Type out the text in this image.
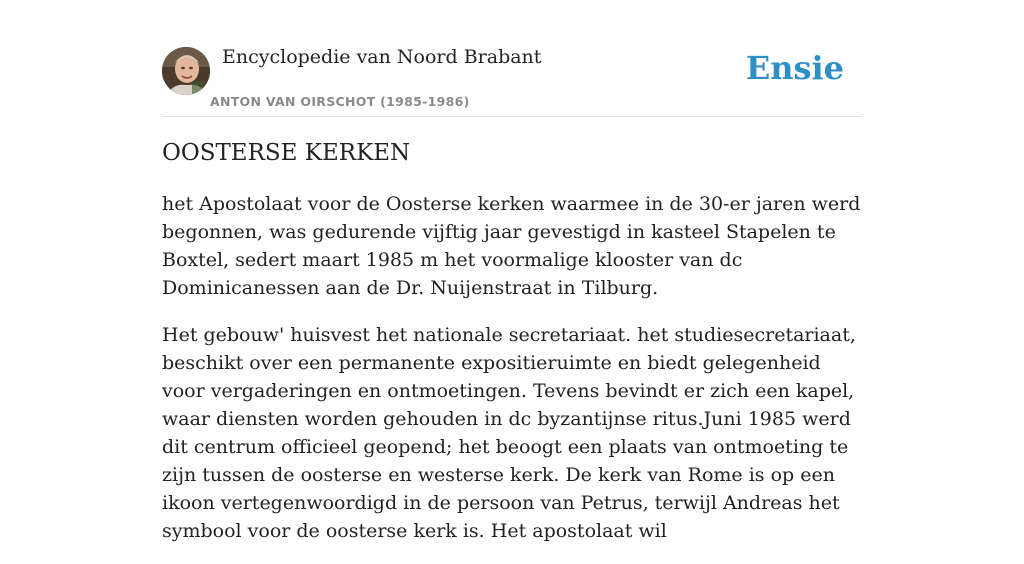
Encyclopedie van Noord Brabant
ANTON VAN OIRSCHOT (1985-1986)
Ensie
OOSTERSE KERKEN

het Apostolaat voor de Oosterse kerken waarmee in de 30-er jaren werd begonnen, was gedurende vijftig jaar gevestigd in kasteel Stapelen te Boxtel, sedert maart 1985 m het voormalige klooster van dc Dominicanessen aan de Dr. Nuijenstraat in Tilburg.

Het gebouw' huisvest het nationale secretariaat. het studiesecretariaat, beschikt over een permanente expositieruimte en biedt gelegenheid voor vergaderingen en ontmoetingen. Tevens bevindt er zich een kapel, waar diensten worden gehouden in dc byzantijnse ritus.Juni 1985 werd dit centrum officieel geopend; het beoogt een plaats van ontmoeting te zijn tussen de oosterse en westerse kerk. De kerk van Rome is op een ikoon vertegenwoordigd in de persoon van Petrus, terwijl Andreas het symbool voor de oosterse kerk is. Het apostolaat wil
